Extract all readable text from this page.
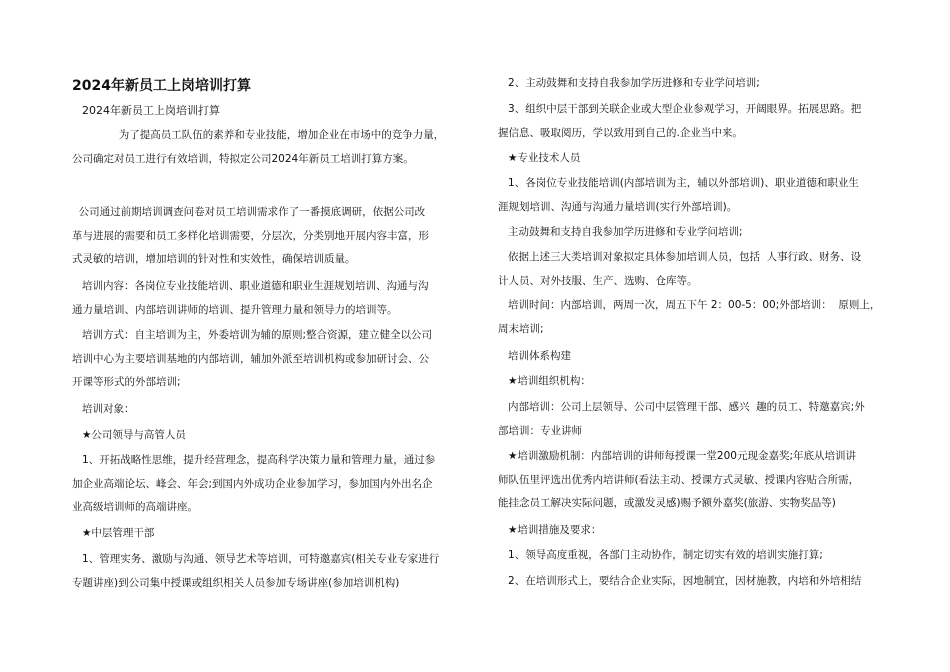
2024年新员工上岗培训打算

2024年新员工上岗培训打算

为了提高员工队伍的素养和专业技能，增加企业在市场中的竞争力量，
公司确定对员工进行有效培训，特拟定公司2024年新员工培训打算方案。

公司通过前期培训调查问卷对员工培训需求作了一番摸底调研，依据公司改
革与进展的需要和员工多样化培训需要，分层次，分类别地开展内容丰富，形
式灵敏的培训，增加培训的针对性和实效性，确保培训质量。

培训内容：各岗位专业技能培训、职业道德和职业生涯规划培训、沟通与沟
通力量培训、内部培训讲师的培训、提升管理力量和领导力的培训等。

培训方式：自主培训为主，外委培训为辅的原则;整合资源，建立健全以公司
培训中心为主要培训基地的内部培训，辅加外派至培训机构或参加研讨会、公
开课等形式的外部培训;

培训对象：

★公司领导与高管人员

1、开拓战略性思维，提升经营理念，提高科学决策力量和管理力量，通过参
加企业高端论坛、峰会、年会;到国内外成功企业参加学习，参加国内外出名企
业高级培训师的高端讲座。

★中层管理干部

1、管理实务、激励与沟通、领导艺术等培训，可特邀嘉宾(相关专业专家进行
专题讲座)到公司集中授课或组织相关人员参加专场讲座(参加培训机构)

2、主动鼓舞和支持自我参加学历进修和专业学问培训;

3、组织中层干部到关联企业或大型企业参观学习，开阔眼界。拓展思路。把
握信息、吸取阅历，学以致用到自己的.企业当中来。

★专业技术人员

1、各岗位专业技能培训(内部培训为主，辅以外部培训)、职业道德和职业生
涯规划培训、沟通与沟通力量培训(实行外部培训)。

主动鼓舞和支持自我参加学历进修和专业学问培训;

依据上述三大类培训对象拟定具体参加培训人员，包括  人事行政、财务、设
计人员、对外技服、生产、选购、仓库等。

培训时间：内部培训，两周一次，周五下午 2：00-5：00;外部培训：  原则上，
周末培训;

培训体系构建

★培训组织机构：

内部培训：公司上层领导、公司中层管理干部、感兴  趣的员工、特邀嘉宾;外
部培训：专业讲师

★培训激励机制：内部培训的讲师每授课一堂200元现金嘉奖;年底从培训讲
师队伍里评选出优秀内培讲师(看法主动、授课方式灵敏、授课内容贴合所需，
能挂念员工解决实际问题，或激发灵感)赐予额外嘉奖(旅游、实物奖品等)

★培训措施及要求：

1、领导高度重视，各部门主动协作，制定切实有效的培训实施打算;

2、在培训形式上，要结合企业实际，因地制宜，因材施教，内培和外培相结
